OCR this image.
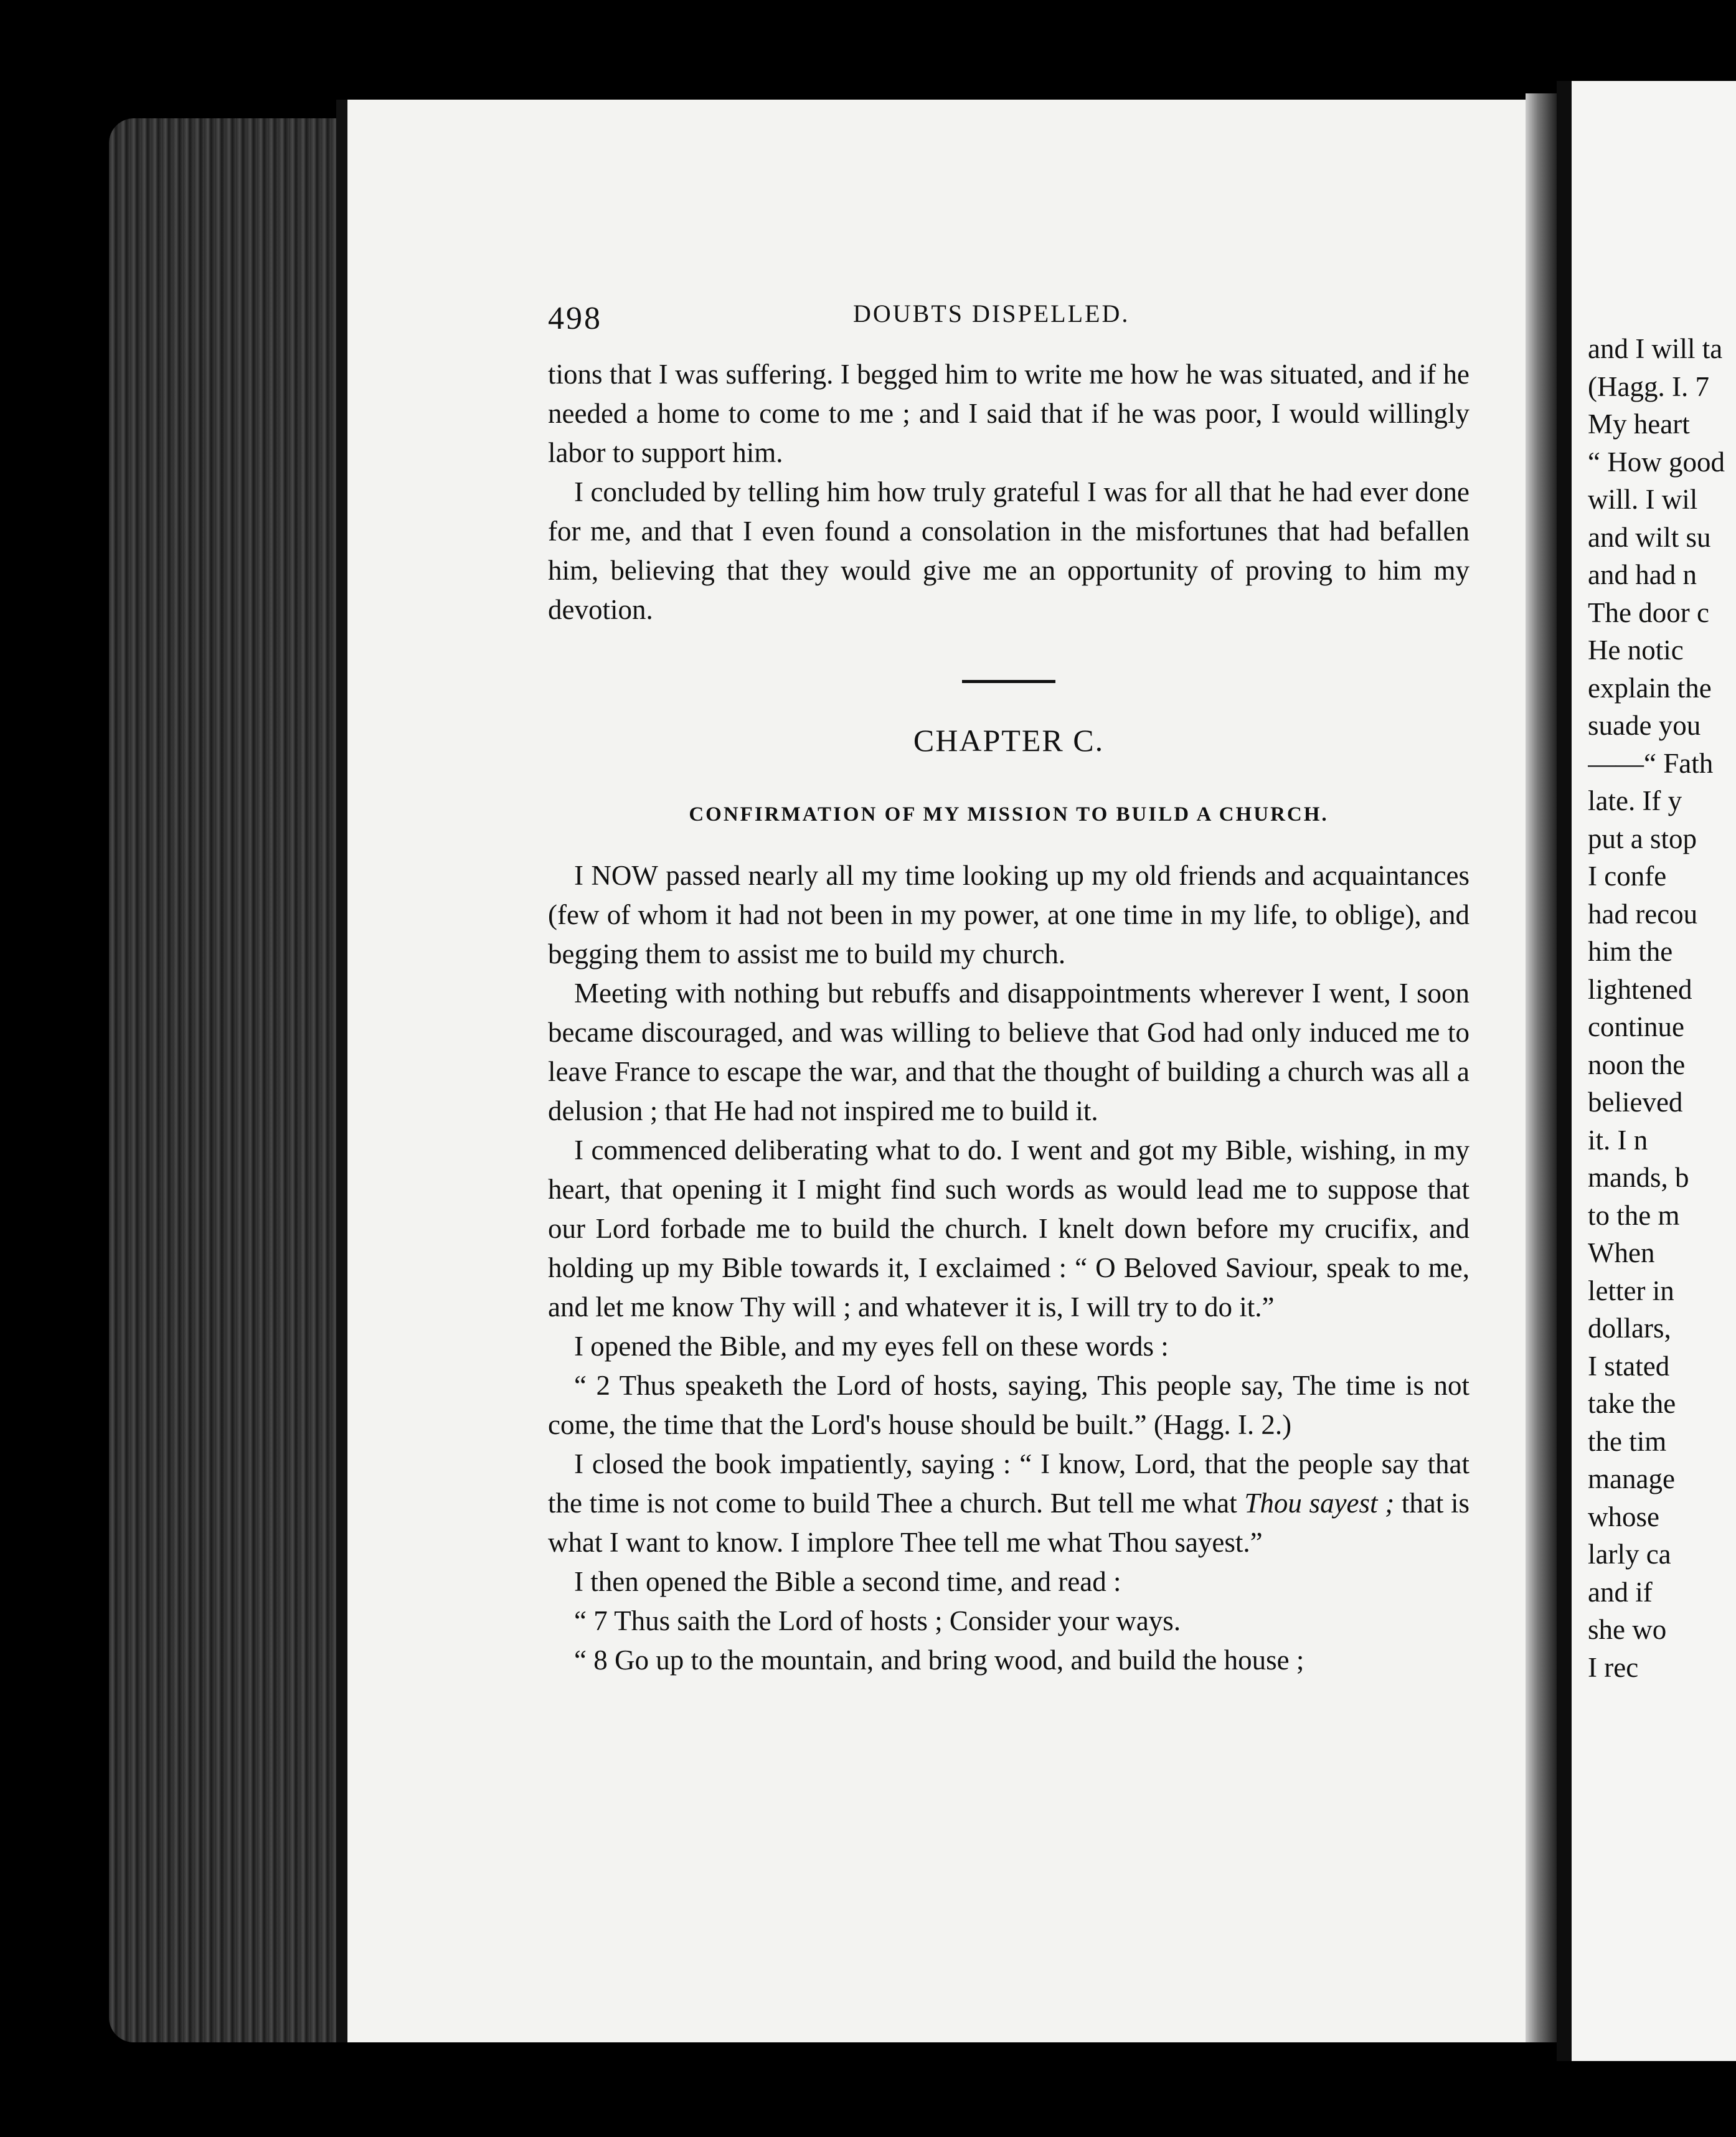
498	DOUBTS DISPELLED.

tions that I was suffering. I begged him to write me how he was situated, and if he needed a home to come to me ; and I said that if he was poor, I would willingly labor to support him.

I concluded by telling him how truly grateful I was for all that he had ever done for me, and that I even found a consolation in the misfortunes that had befallen him, believing that they would give me an opportunity of proving to him my devotion.

CHAPTER C.
CONFIRMATION OF MY MISSION TO BUILD A CHURCH.

I NOW passed nearly all my time looking up my old friends and acquaintances (few of whom it had not been in my power, at one time in my life, to oblige), and begging them to assist me to build my church.

Meeting with nothing but rebuffs and disappointments wherever I went, I soon became discouraged, and was willing to believe that God had only induced me to leave France to escape the war, and that the thought of building a church was all a delusion ; that He had not inspired me to build it.

I commenced deliberating what to do. I went and got my Bible, wishing, in my heart, that opening it I might find such words as would lead me to suppose that our Lord forbade me to build the church. I knelt down before my crucifix, and holding up my Bible towards it, I exclaimed : “ O Beloved Saviour, speak to me, and let me know Thy will ; and whatever it is, I will try to do it.”

I opened the Bible, and my eyes fell on these words :

“ 2 Thus speaketh the Lord of hosts, saying, This people say, The time is not come, the time that the Lord's house should be built.” (Hagg. I. 2.)

I closed the book impatiently, saying : “ I know, Lord, that the people say that the time is not come to build Thee a church. But tell me what Thou sayest ; that is what I want to know. I implore Thee tell me what Thou sayest.”

I then opened the Bible a second time, and read :

“ 7 Thus saith the Lord of hosts ; Consider your ways.

“ 8 Go up to the mountain, and bring wood, and build the house ;

and I will ta
(Hagg. I. 7
My heart
“ How good
will. I wil
and wilt su
and had n
The door c
He notic
explain the
suade you
——“ Fath
late. If y
put a stop
I confe
had recou
him the
lightened
continue
noon the
believed
it. I n
mands, b
to the m
When
letter in
dollars,
I stated
take the
the tim
manage
whose
larly ca
and if
she wo
I rec
